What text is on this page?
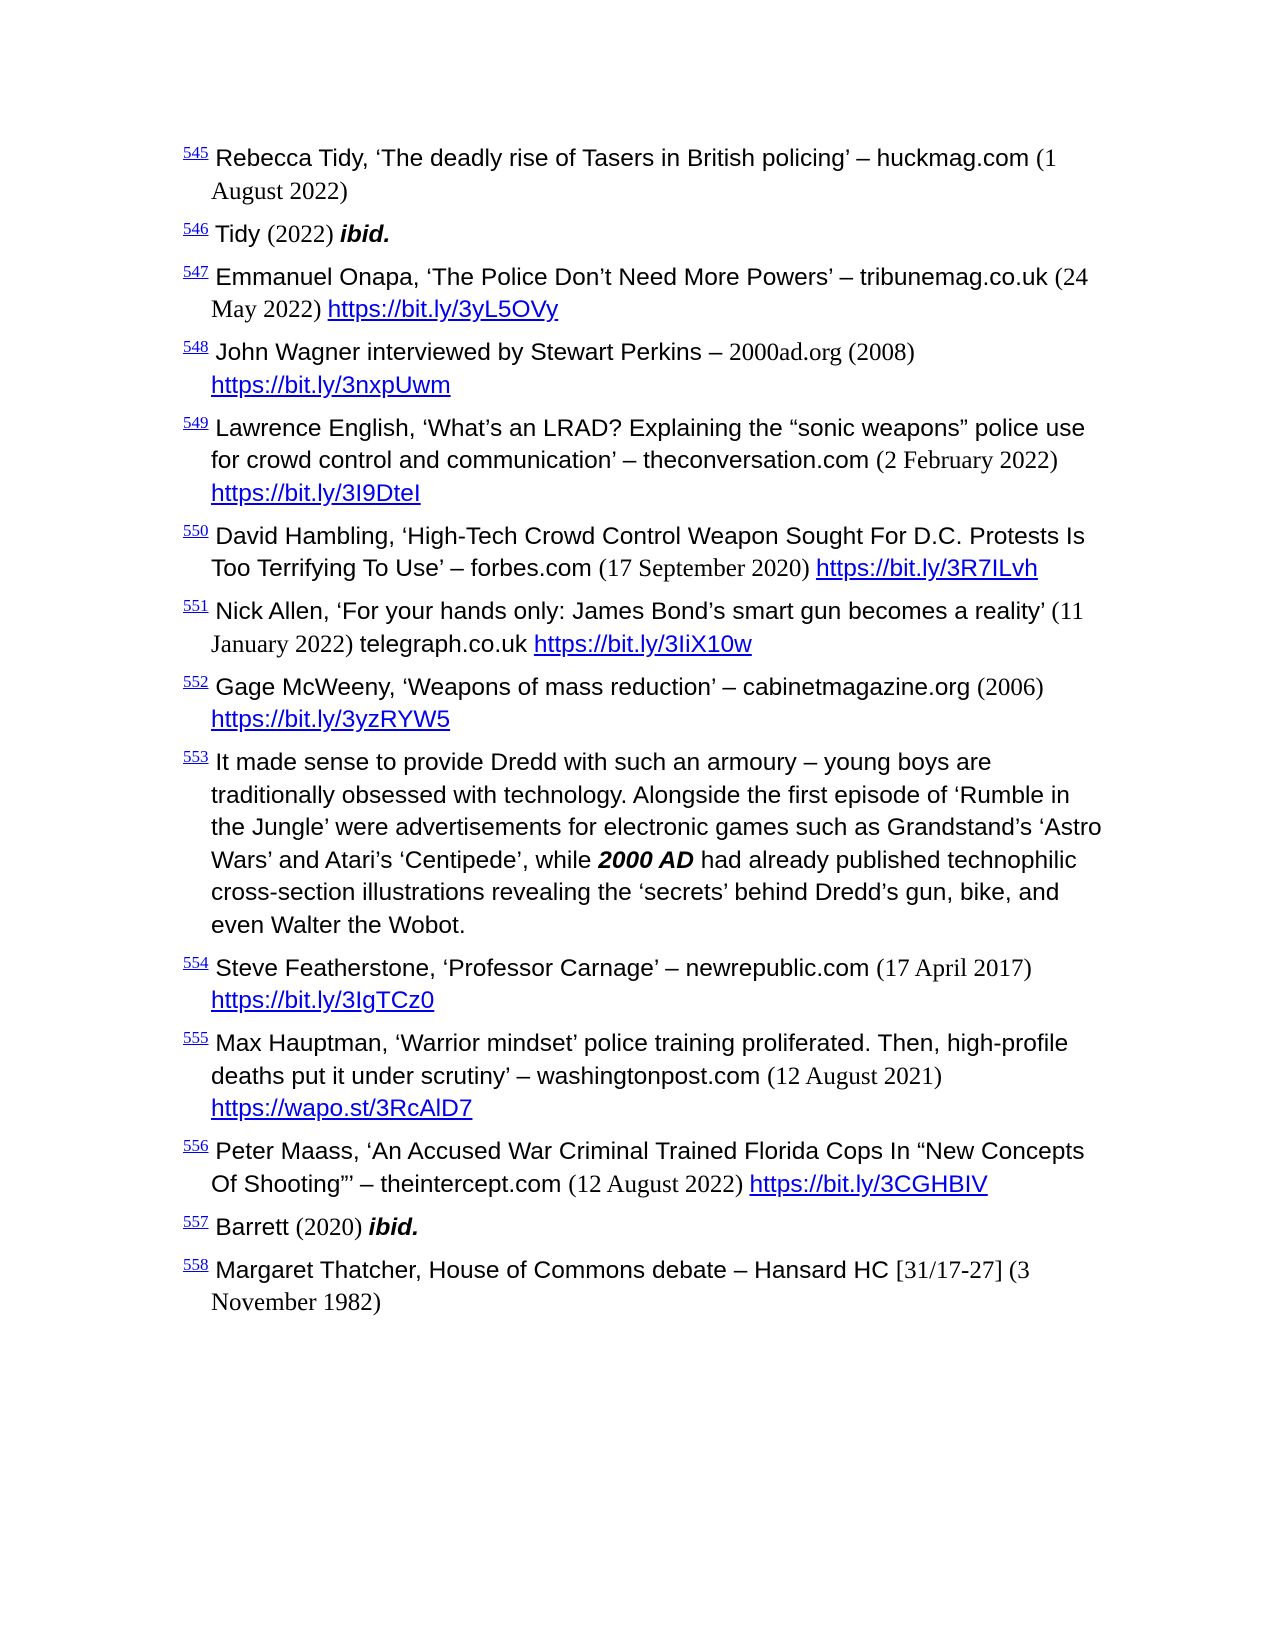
$^{545}$ Rebecca Tidy, ‘The deadly rise of Tasers in British policing’ – huckmag.com (1 August 2022)
$^{546}$ Tidy (2022) ibid.
$^{547}$ Emmanuel Onapa, ‘The Police Don’t Need More Powers’ – tribunemag.co.uk (24 May 2022) https://bit.ly/3yL5OVy
$^{548}$ John Wagner interviewed by Stewart Perkins – 2000ad.org (2008) https://bit.ly/3nxpUwm
$^{549}$ Lawrence English, ‘What’s an LRAD? Explaining the “sonic weapons” police use for crowd control and communication’ – theconversation.com (2 February 2022) https://bit.ly/3I9DteI
$^{550}$ David Hambling, ‘High-Tech Crowd Control Weapon Sought For D.C. Protests Is Too Terrifying To Use’ – forbes.com (17 September 2020) https://bit.ly/3R7ILvh
$^{551}$ Nick Allen, ‘For your hands only: James Bond’s smart gun becomes a reality’ (11 January 2022) telegraph.co.uk https://bit.ly/3IiX10w
$^{552}$ Gage McWeeny, ‘Weapons of mass reduction’ – cabinetmagazine.org (2006) https://bit.ly/3yzRYW5
$^{553}$ It made sense to provide Dredd with such an armoury – young boys are traditionally obsessed with technology. Alongside the first episode of ‘Rumble in the Jungle’ were advertisements for electronic games such as Grandstand’s ‘Astro Wars’ and Atari’s ‘Centipede’, while 2000 AD had already published technophilic cross-section illustrations revealing the ‘secrets’ behind Dredd’s gun, bike, and even Walter the Wobot.
$^{554}$ Steve Featherstone, ‘Professor Carnage’ – newrepublic.com (17 April 2017) https://bit.ly/3IgTCz0
$^{555}$ Max Hauptman, ‘Warrior mindset’ police training proliferated. Then, high-profile deaths put it under scrutiny’ – washingtonpost.com (12 August 2021) https://wapo.st/3RcAlD7
$^{556}$ Peter Maass, ‘An Accused War Criminal Trained Florida Cops In “New Concepts Of Shooting”’ – theintercept.com (12 August 2022) https://bit.ly/3CGHBIV
$^{557}$ Barrett (2020) ibid.
$^{558}$ Margaret Thatcher, House of Commons debate – Hansard HC [31/17-27] (3 November 1982)
